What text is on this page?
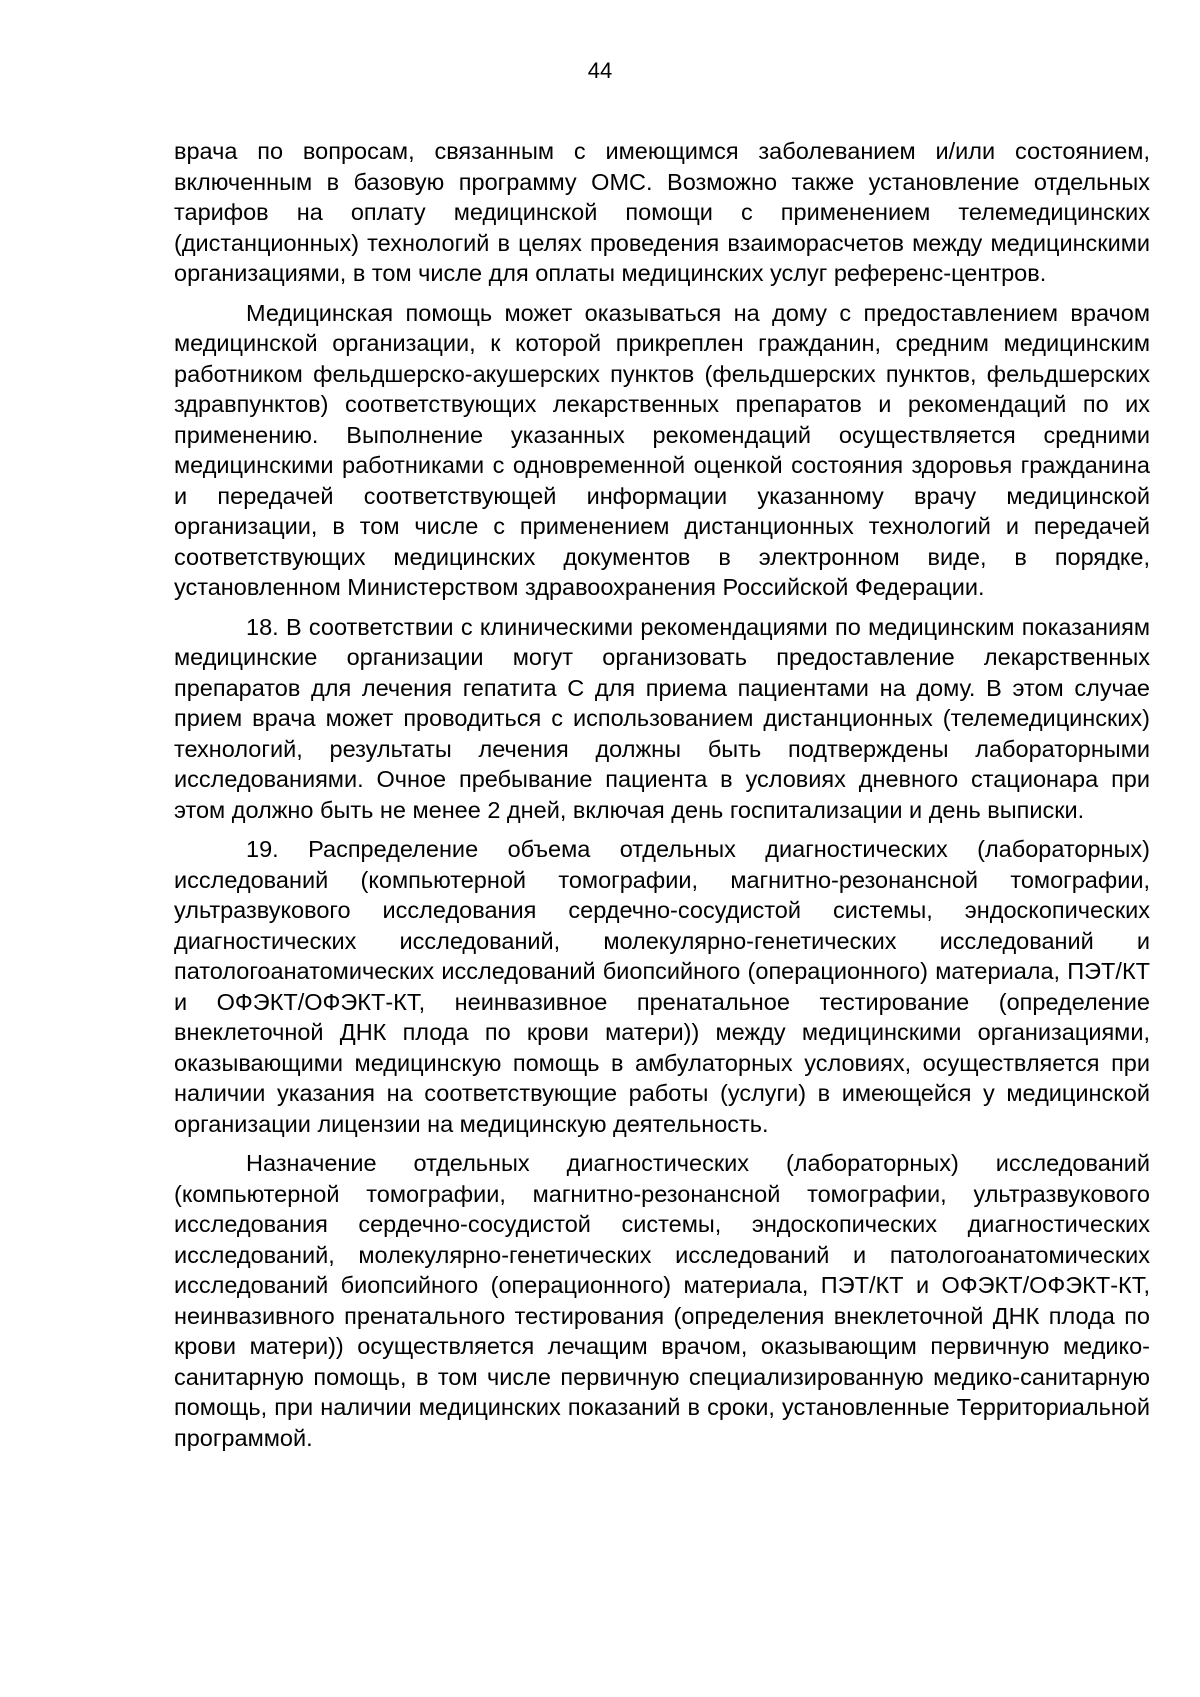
44

врача по вопросам, связанным с имеющимся заболеванием и/или состоянием, включенным в базовую программу ОМС. Возможно также установление отдельных тарифов на оплату медицинской помощи с применением телемедицинских (дистанционных) технологий в целях проведения взаиморасчетов между медицинскими организациями, в том числе для оплаты медицинских услуг референс-центров.

Медицинская помощь может оказываться на дому с предоставлением врачом медицинской организации, к которой прикреплен гражданин, средним медицинским работником фельдшерско-акушерских пунктов (фельдшерских пунктов, фельдшерских здравпунктов) соответствующих лекарственных препаратов и рекомендаций по их применению. Выполнение указанных рекомендаций осуществляется средними медицинскими работниками с одновременной оценкой состояния здоровья гражданина и передачей соответствующей информации указанному врачу медицинской организации, в том числе с применением дистанционных технологий и передачей соответствующих медицинских документов в электронном виде, в порядке, установленном Министерством здравоохранения Российской Федерации.

18. В соответствии с клиническими рекомендациями по медицинским показаниям медицинские организации могут организовать предоставление лекарственных препаратов для лечения гепатита С для приема пациентами на дому. В этом случае прием врача может проводиться с использованием дистанционных (телемедицинских) технологий, результаты лечения должны быть подтверждены лабораторными исследованиями. Очное пребывание пациента в условиях дневного стационара при этом должно быть не менее 2 дней, включая день госпитализации и день выписки.

19. Распределение объема отдельных диагностических (лабораторных) исследований (компьютерной томографии, магнитно-резонансной томографии, ультразвукового исследования сердечно-сосудистой системы, эндоскопических диагностических исследований, молекулярно-генетических исследований и патологоанатомических исследований биопсийного (операционного) материала, ПЭТ/КТ и ОФЭКТ/ОФЭКТ-КТ, неинвазивное пренатальное тестирование (определение внеклеточной ДНК плода по крови матери)) между медицинскими организациями, оказывающими медицинскую помощь в амбулаторных условиях, осуществляется при наличии указания на соответствующие работы (услуги) в имеющейся у медицинской организации лицензии на медицинскую деятельность.

Назначение отдельных диагностических (лабораторных) исследований (компьютерной томографии, магнитно-резонансной томографии, ультразвукового исследования сердечно-сосудистой системы, эндоскопических диагностических исследований, молекулярно-генетических исследований и патологоанатомических исследований биопсийного (операционного) материала, ПЭТ/КТ и ОФЭКТ/ОФЭКТ-КТ, неинвазивного пренатального тестирования (определения внеклеточной ДНК плода по крови матери)) осуществляется лечащим врачом, оказывающим первичную медико-санитарную помощь, в том числе первичную специализированную медико-санитарную помощь, при наличии медицинских показаний в сроки, установленные Территориальной программой.
